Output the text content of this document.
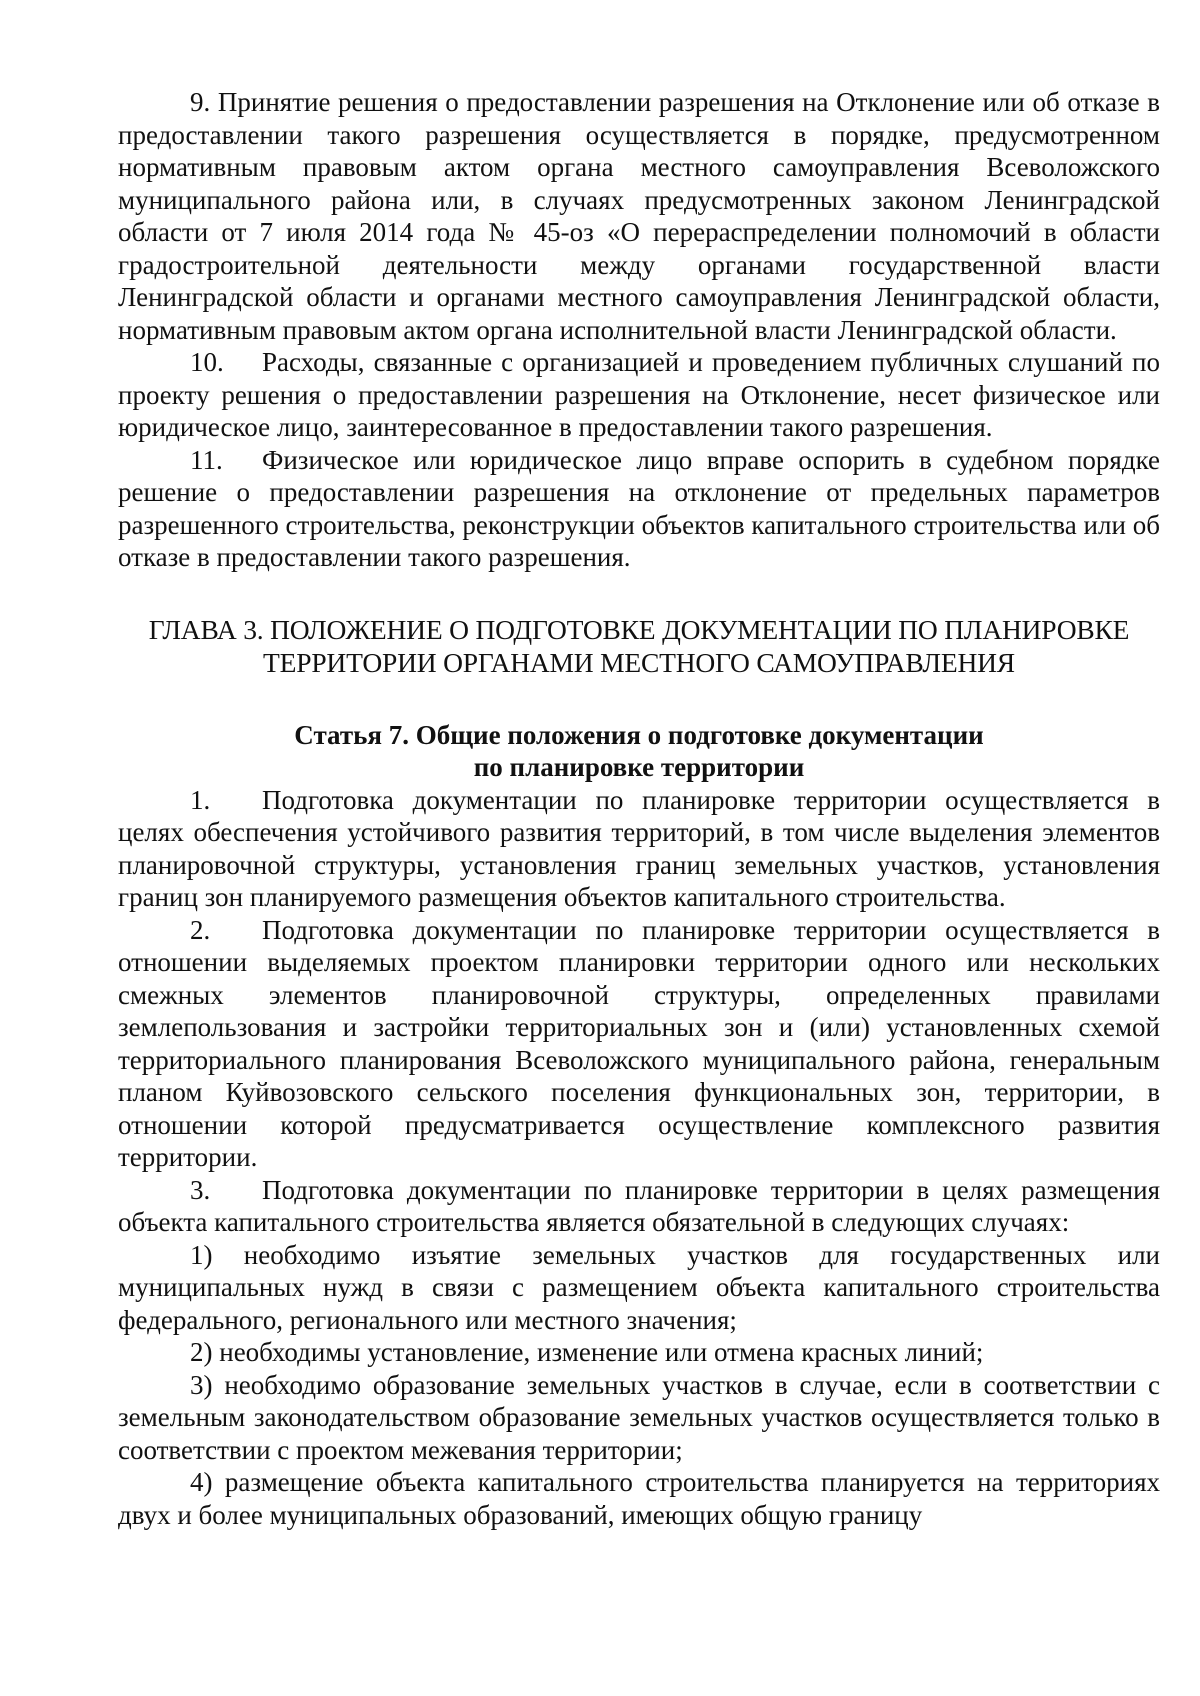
9. Принятие решения о предоставлении разрешения на Отклонение или об отказе в предоставлении такого разрешения осуществляется в порядке, предусмотренном нормативным правовым актом органа местного самоуправления Всеволожского муниципального района или, в случаях предусмотренных законом Ленинградской области от 7 июля 2014 года № 45-оз «О перераспределении полномочий в области градостроительной деятельности между органами государственной власти Ленинградской области и органами местного самоуправления Ленинградской области, нормативным правовым актом органа исполнительной власти Ленинградской области.

10. Расходы, связанные с организацией и проведением публичных слушаний по проекту решения о предоставлении разрешения на Отклонение, несет физическое или юридическое лицо, заинтересованное в предоставлении такого разрешения.

11. Физическое или юридическое лицо вправе оспорить в судебном порядке решение о предоставлении разрешения на отклонение от предельных параметров разрешенного строительства, реконструкции объектов капитального строительства или об отказе в предоставлении такого разрешения.

ГЛАВА 3. ПОЛОЖЕНИЕ О ПОДГОТОВКЕ ДОКУМЕНТАЦИИ ПО ПЛАНИРОВКЕ
ТЕРРИТОРИИ ОРГАНАМИ МЕСТНОГО САМОУПРАВЛЕНИЯ

Статья 7. Общие положения о подготовке документации
по планировке территории

1. Подготовка документации по планировке территории осуществляется в целях обеспечения устойчивого развития территорий, в том числе выделения элементов планировочной структуры, установления границ земельных участков, установления границ зон планируемого размещения объектов капитального строительства.

2. Подготовка документации по планировке территории осуществляется в отношении выделяемых проектом планировки территории одного или нескольких смежных элементов планировочной структуры, определенных правилами землепользования и застройки территориальных зон и (или) установленных схемой территориального планирования Всеволожского муниципального района, генеральным планом Куйвозовского сельского поселения функциональных зон, территории, в отношении которой предусматривается осуществление комплексного развития территории.

3. Подготовка документации по планировке территории в целях размещения объекта капитального строительства является обязательной в следующих случаях:

1) необходимо изъятие земельных участков для государственных или муниципальных нужд в связи с размещением объекта капитального строительства федерального, регионального или местного значения;

2) необходимы установление, изменение или отмена красных линий;

3) необходимо образование земельных участков в случае, если в соответствии с земельным законодательством образование земельных участков осуществляется только в соответствии с проектом межевания территории;

4) размещение объекта капитального строительства планируется на территориях двух и более муниципальных образований, имеющих общую границу
